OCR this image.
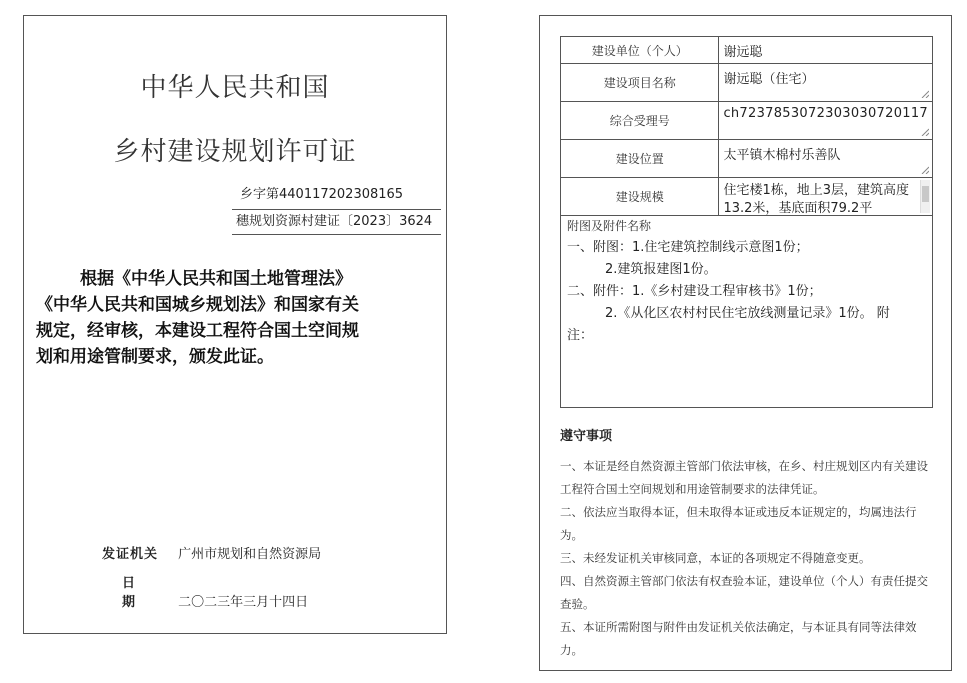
中华人民共和国
乡村建设规划许可证
乡字第440117202308165
穗规划资源村建证〔2023〕3624
根据《中华人民共和国土地管理法》
《中华人民共和国城乡规划法》和国家有关
规定，经审核，本建设工程符合国土空间规
划和用途管制要求，颁发此证。
发证机关 广州市规划和自然资源局
日 期 二〇二三年三月十四日
建设单位（个人）	谢远聪

建设项目名称	谢远聪（住宅）

综合受理号	ch7237853072303030720117

建设位置	太平镇木棉村乐善队

建设规模	住宅楼1栋，地上3层，建筑高度13.2米，基底面积79.2平
附图及附件名称
一、附图：1.住宅建筑控制线示意图1份；
2.建筑报建图1份。
二、附件：1.《乡村建设工程审核书》1份；
2.《从化区农村村民住宅放线测量记录》1份。 附
注：
遵守事项

一、本证是经自然资源主管部门依法审核，在乡、村庄规划区内有关建设工程符合国土空间规划和用途管制要求的法律凭证。

二、依法应当取得本证，但未取得本证或违反本证规定的，均属违法行为。

三、未经发证机关审核同意，本证的各项规定不得随意变更。

四、自然资源主管部门依法有权查验本证，建设单位（个人）有责任提交查验。

五、本证所需附图与附件由发证机关依法确定，与本证具有同等法律效力。
